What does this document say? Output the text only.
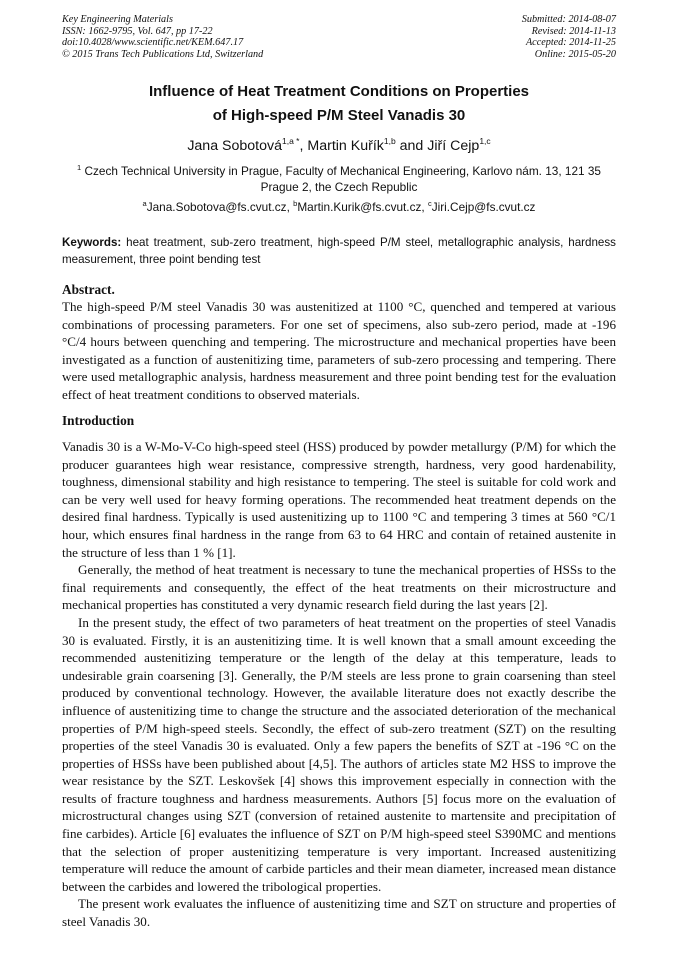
Key Engineering Materials
ISSN: 1662-9795, Vol. 647, pp 17-22
doi:10.4028/www.scientific.net/KEM.647.17
© 2015 Trans Tech Publications Ltd, Switzerland
Submitted: 2014-08-07
Revised: 2014-11-13
Accepted: 2014-11-25
Online: 2015-05-20
Influence of Heat Treatment Conditions on Properties
of High-speed P/M Steel Vanadis 30
Jana Sobotová$^{1,a *}$, Martin Kuřík$^{1,b}$ and Jiří Cejp$^{1,c}$
$^1$ Czech Technical University in Prague, Faculty of Mechanical Engineering, Karlovo nám. 13, 121 35 Prague 2, the Czech Republic
$^a$Jana.Sobotova@fs.cvut.cz, $^b$Martin.Kurik@fs.cvut.cz, $^c$Jiri.Cejp@fs.cvut.cz
Keywords: heat treatment, sub-zero treatment, high-speed P/M steel, metallographic analysis, hardness measurement, three point bending test
Abstract.
The high-speed P/M steel Vanadis 30 was austenitized at 1100 °C, quenched and tempered at various combinations of processing parameters. For one set of specimens, also sub-zero period, made at -196 °C/4 hours between quenching and tempering. The microstructure and mechanical properties have been investigated as a function of austenitizing time, parameters of sub-zero processing and tempering. There were used metallographic analysis, hardness measurement and three point bending test for the evaluation effect of heat treatment conditions to observed materials.
Introduction

Vanadis 30 is a W-Mo-V-Co high-speed steel (HSS) produced by powder metallurgy (P/M) for which the producer guarantees high wear resistance, compressive strength, hardness, very good hardenability, toughness, dimensional stability and high resistance to tempering. The steel is suitable for cold work and can be very well used for heavy forming operations. The recommended heat treatment depends on the desired final hardness. Typically is used austenitizing up to 1100 °C and tempering 3 times at 560 °C/1 hour, which ensures final hardness in the range from 63 to 64 HRC and contain of retained austenite in the structure of less than 1 % [1].

Generally, the method of heat treatment is necessary to tune the mechanical properties of HSSs to the final requirements and consequently, the effect of the heat treatments on their microstructure and mechanical properties has constituted a very dynamic research field during the last years [2].

In the present study, the effect of two parameters of heat treatment on the properties of steel Vanadis 30 is evaluated. Firstly, it is an austenitizing time. It is well known that a small amount exceeding the recommended austenitizing temperature or the length of the delay at this temperature, leads to undesirable grain coarsening [3]. Generally, the P/M steels are less prone to grain coarsening than steel produced by conventional technology. However, the available literature does not exactly describe the influence of austenitizing time to change the structure and the associated deterioration of the mechanical properties of P/M high-speed steels. Secondly, the effect of sub-zero treatment (SZT) on the resulting properties of the steel Vanadis 30 is evaluated. Only a few papers the benefits of SZT at -196 °C on the properties of HSSs have been published about [4,5]. The authors of articles state M2 HSS to improve the wear resistance by the SZT. Leskovšek [4] shows this improvement especially in connection with the results of fracture toughness and hardness measurements. Authors [5] focus more on the evaluation of microstructural changes using SZT (conversion of retained austenite to martensite and precipitation of fine carbides). Article [6] evaluates the influence of SZT on P/M high-speed steel S390MC and mentions that the selection of proper austenitizing temperature is very important. Increased austenitizing temperature will reduce the amount of carbide particles and their mean diameter, increased mean distance between the carbides and lowered the tribological properties.

The present work evaluates the influence of austenitizing time and SZT on structure and properties of steel Vanadis 30.
